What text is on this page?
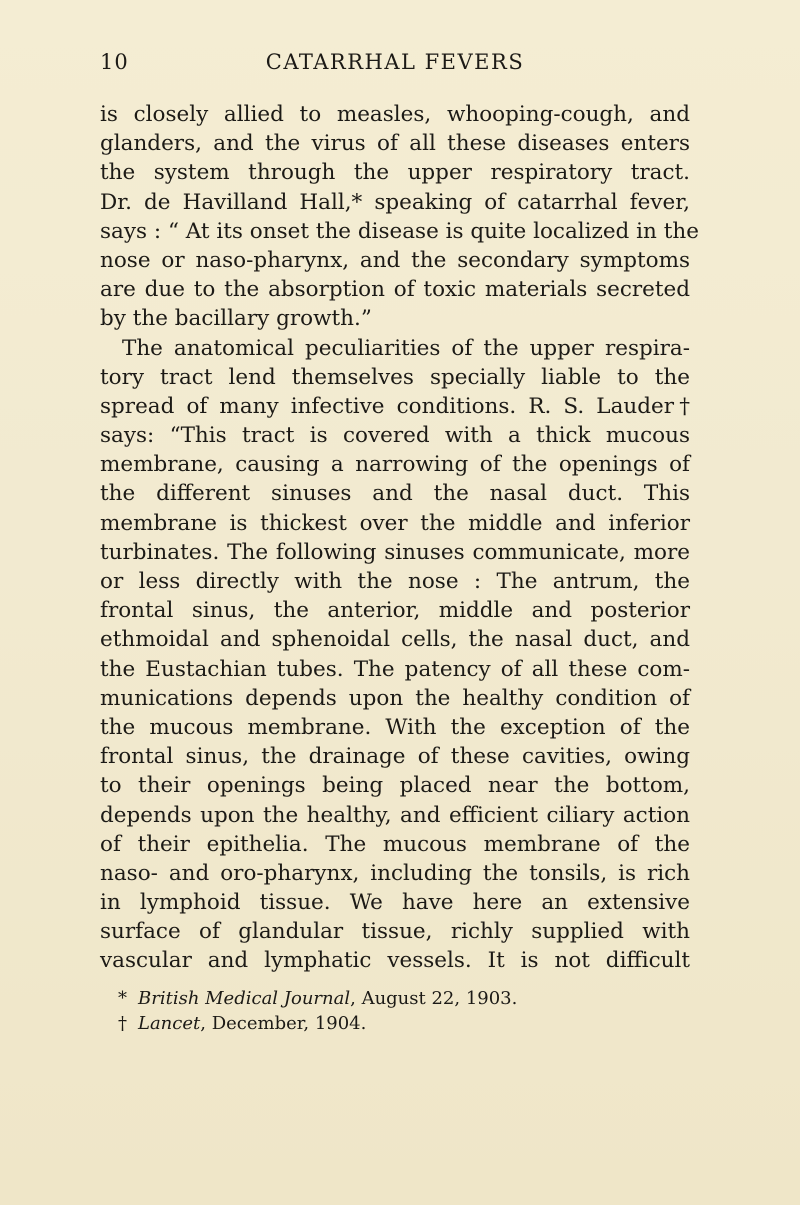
10	CATARRHAL FEVERS
is closely allied to measles, whooping-cough, and
glanders, and the virus of all these diseases enters
the system through the upper respiratory tract.
Dr. de Havilland Hall,* speaking of catarrhal fever,
says : “ At its onset the disease is quite localized in the
nose or naso-pharynx, and the secondary symptoms
are due to the absorption of toxic materials secreted
by the bacillary growth.”
The anatomical peculiarities of the upper respira-
tory tract lend themselves specially liable to the
spread of many infective conditions. R. S. Lauder†
says: “This tract is covered with a thick mucous
membrane, causing a narrowing of the openings of
the different sinuses and the nasal duct. This
membrane is thickest over the middle and inferior
turbinates. The following sinuses communicate, more
or less directly with the nose : The antrum, the
frontal sinus, the anterior, middle and posterior
ethmoidal and sphenoidal cells, the nasal duct, and
the Eustachian tubes. The patency of all these com-
munications depends upon the healthy condition of
the mucous membrane. With the exception of the
frontal sinus, the drainage of these cavities, owing
to their openings being placed near the bottom,
depends upon the healthy, and efficient ciliary action
of their epithelia. The mucous membrane of the
naso- and oro-pharynx, including the tonsils, is rich
in lymphoid tissue. We have here an extensive
surface of glandular tissue, richly supplied with
vascular and lymphatic vessels. It is not difficult
* British Medical Journal, August 22, 1903.
† Lancet, December, 1904.
